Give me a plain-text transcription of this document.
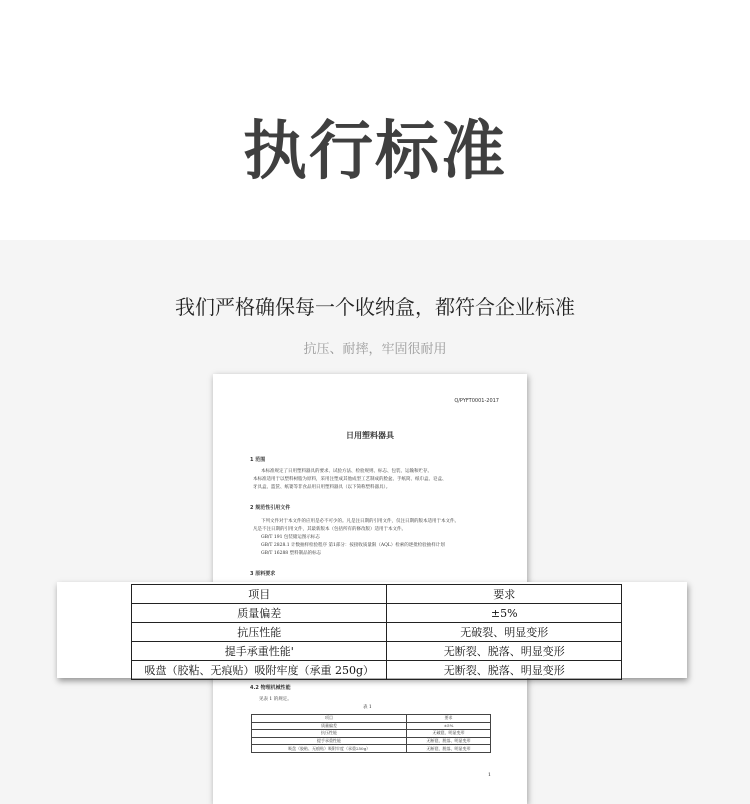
执行标准
我们严格确保每一个收纳盒，都符合企业标准
抗压、耐摔，牢固很耐用
Q/PYFT0001-2017
日用塑料器具
1 范围
本标准规定了日用塑料器具的要求、试验方法、检验规则、标志、包装、运输和贮存。
本标准适用于以塑料树脂为原料，采用注塑成其他成型工艺制成的脸盆、手纸筒、纸巾盒、皂盒、
牙具盒、篮筐、纸篓等非食品用日用塑料器具（以下简称塑料器具）。
2 规范性引用文件
下列文件对于本文件的应用是必不可少的。凡是注日期的引用文件，仅注日期的版本适用于本文件。
凡是不注日期的引用文件，其最新版本（包括所有的修改版）适用于本文件。
GB/T 191 包装储运图示标志
GB/T 2828.1 计数抽样检验程序 第1部分：按接收质量限（AQL）检索的逐批检验抽样计划
GB/T 16288 塑料制品的标志
3 原料要求
4.2 物理机械性能
见表 1 的规定。
表 1
项目	要求
质量偏差	±5%
抗压性能	无破裂、明显变形
提手承重性能	无断裂、脱落、明显变形
吸盘（胶粘、无痕贴）吸附牢度（承重250g）	无断裂、脱落、明显变形
1
项目	要求
质量偏差	±5%
抗压性能	无破裂、明显变形
提手承重性能'	无断裂、脱落、明显变形
吸盘（胶粘、无痕贴）吸附牢度（承重 250g）	无断裂、脱落、明显变形
